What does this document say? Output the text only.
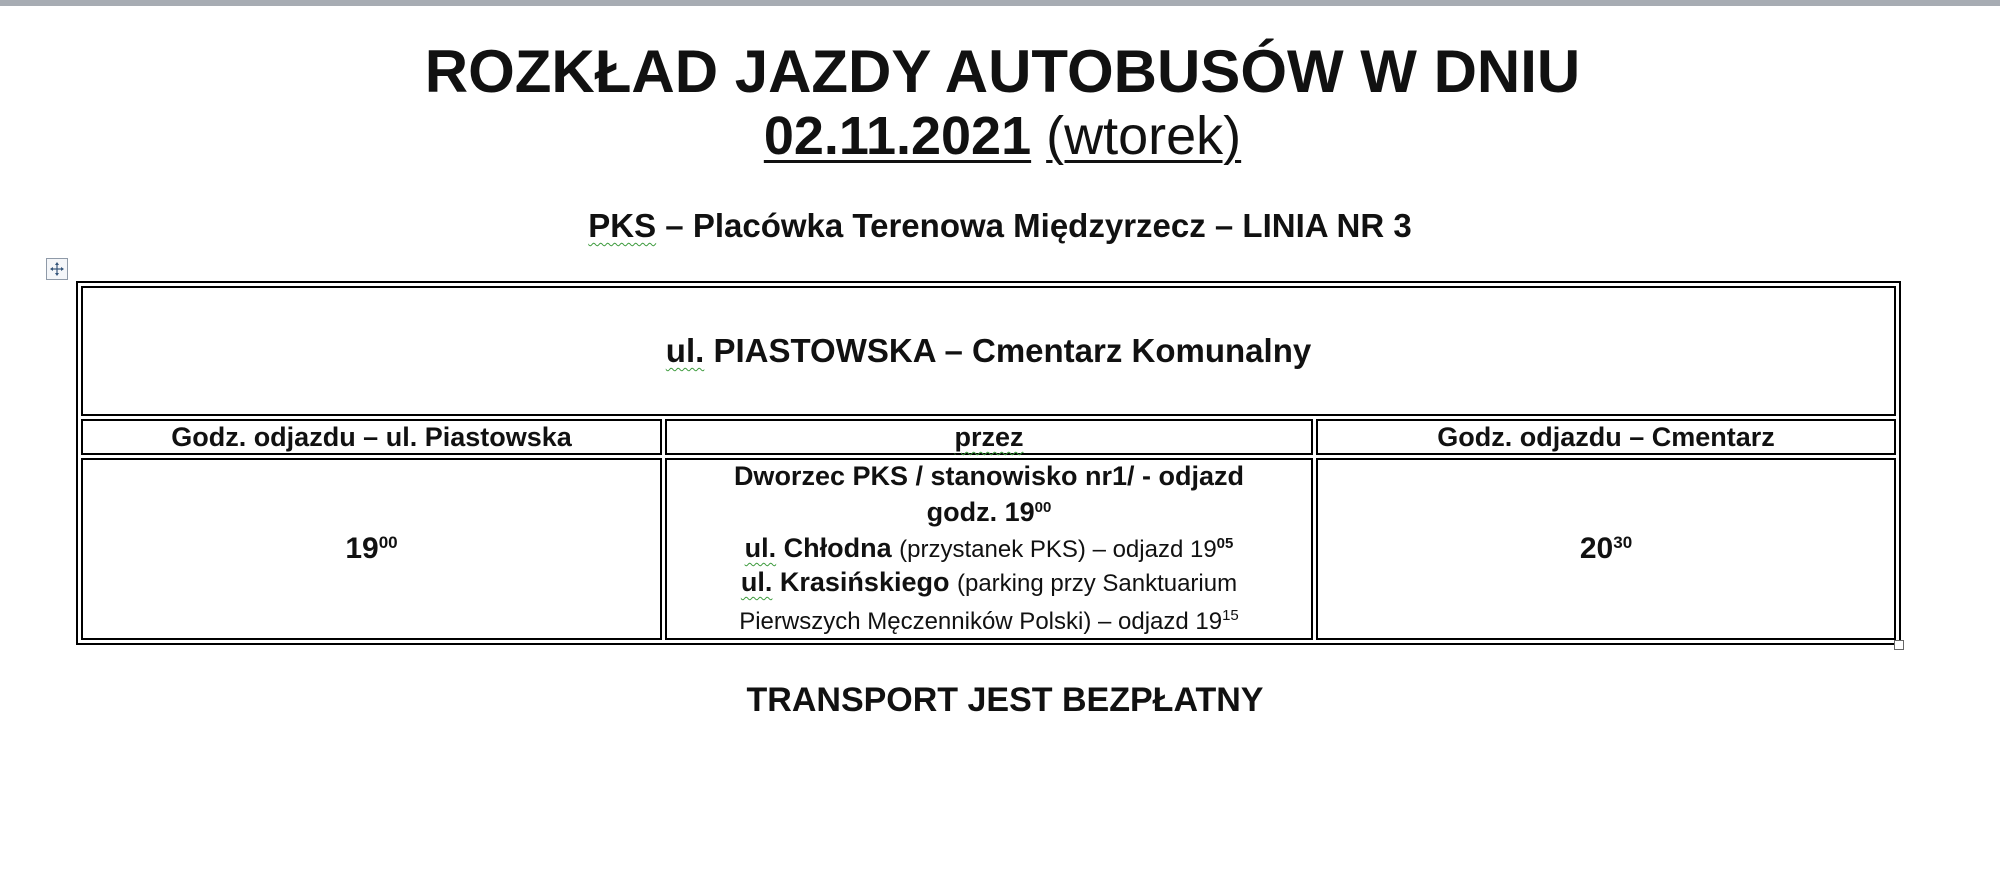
ROZKŁAD JAZDY AUTOBUSÓW W DNIU
02.11.2021 (wtorek)
PKS – Placówka Terenowa Międzyrzecz – LINIA NR 3
ul. PIASTOWSKA – Cmentarz Komunalny		
Godz. odjazdu – ul. Piastowska	przez	Godz. odjazdu – Cmentarz
$19^{00}$	Dworzec PKS / stanowisko nr1/ - odjazd
godz. $19^{00}$
ul. Chłodna (przystanek PKS) – odjazd $19^{05}$
ul. Krasińskiego (parking przy Sanktuarium
Pierwszych Męczenników Polski) – odjazd $19^{15}$	$20^{30}$
TRANSPORT JEST BEZPŁATNY
